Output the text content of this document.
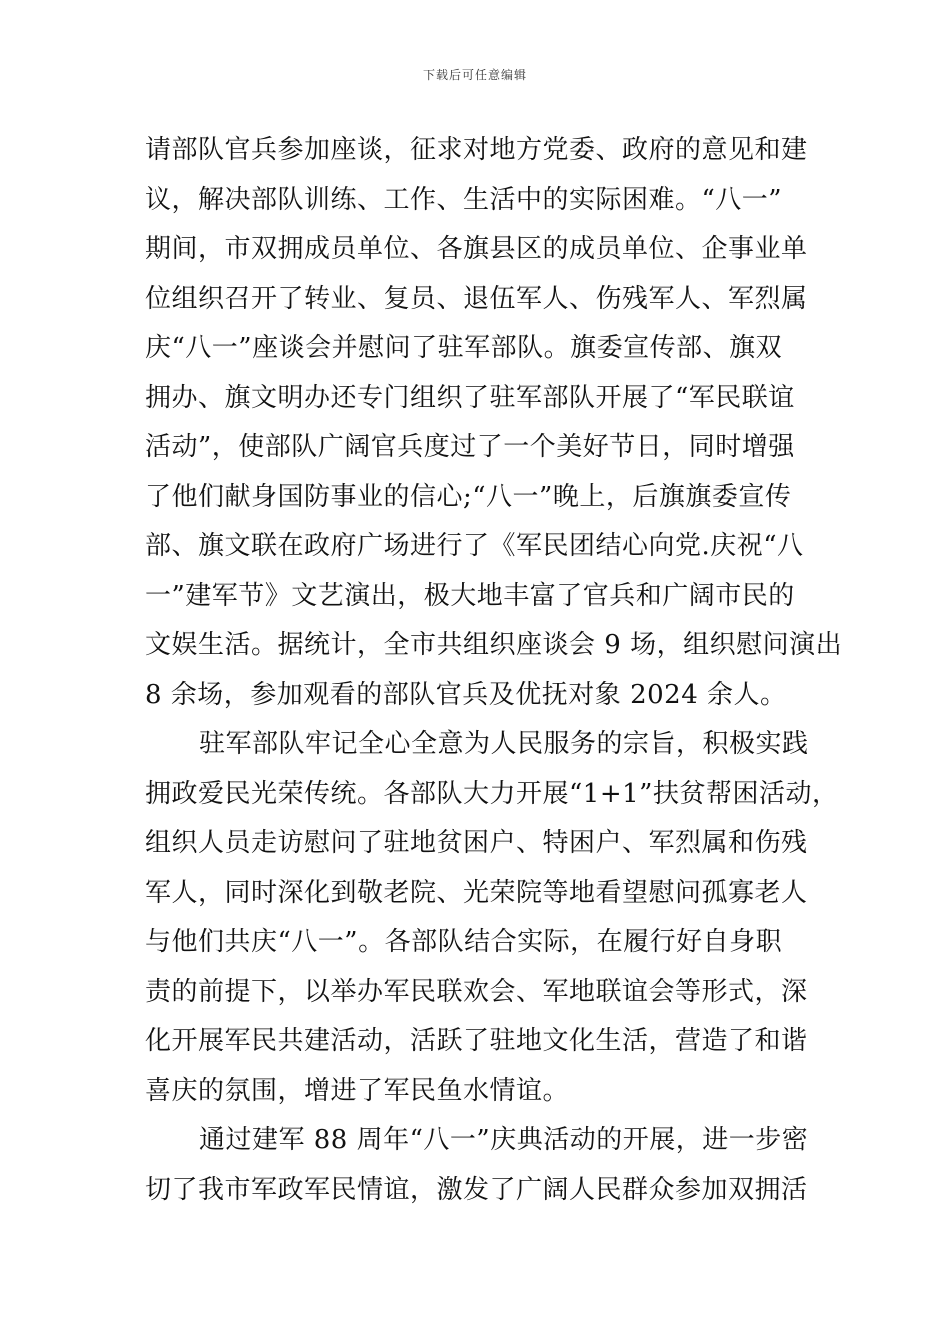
下载后可任意编辑
请部队官兵参加座谈，征求对地方党委、政府的意见和建
议，解决部队训练、工作、生活中的实际困难。“八一”
期间，市双拥成员单位、各旗县区的成员单位、企事业单
位组织召开了转业、复员、退伍军人、伤残军人、军烈属
庆“八一”座谈会并慰问了驻军部队。旗委宣传部、旗双
拥办、旗文明办还专门组织了驻军部队开展了“军民联谊
活动”，使部队广阔官兵度过了一个美好节日，同时增强
了他们献身国防事业的信心;“八一”晚上，后旗旗委宣传
部、旗文联在政府广场进行了《军民团结心向党.庆祝“八
一”建军节》文艺演出，极大地丰富了官兵和广阔市民的
文娱生活。据统计，全市共组织座谈会 9 场，组织慰问演出
8 余场，参加观看的部队官兵及优抚对象 2024 余人。
驻军部队牢记全心全意为人民服务的宗旨，积极实践
拥政爱民光荣传统。各部队大力开展“1+1”扶贫帮困活动，
组织人员走访慰问了驻地贫困户、特困户、军烈属和伤残
军人，同时深化到敬老院、光荣院等地看望慰问孤寡老人
与他们共庆“八一”。各部队结合实际，在履行好自身职
责的前提下，以举办军民联欢会、军地联谊会等形式，深
化开展军民共建活动，活跃了驻地文化生活，营造了和谐
喜庆的氛围，增进了军民鱼水情谊。
通过建军 88 周年“八一”庆典活动的开展，进一步密
切了我市军政军民情谊，激发了广阔人民群众参加双拥活
